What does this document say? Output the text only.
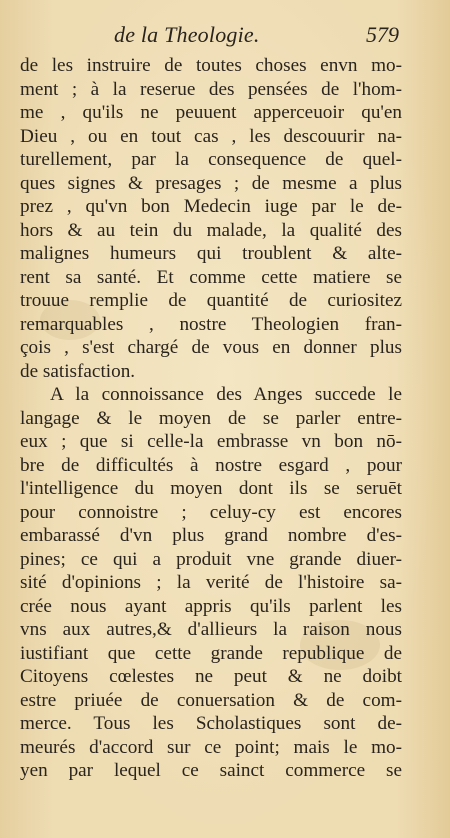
de la Theologie.	579
de les instruire de toutes choses envn mo-
ment ; à la reserue des pensées de l'hom-
me , qu'ils ne peuuent apperceuoir qu'en
Dieu , ou en tout cas , les descouurir na-
turellement, par la consequence de quel-
ques signes & presages ; de mesme a plus
prez , qu'vn bon Medecin iuge par le de-
hors & au tein du malade, la qualité des
malignes humeurs qui troublent & alte-
rent sa santé. Et comme cette matiere se
trouue remplie de quantité de curiositez
remarquables , nostre Theologien fran-
çois , s'est chargé de vous en donner plus
de satisfaction.
A la connoissance des Anges succede le
langage & le moyen de se parler entre-
eux ; que si celle-la embrasse vn bon nō-
bre de difficultés à nostre esgard , pour
l'intelligence du moyen dont ils se seruēt
pour connoistre ; celuy-cy est encores
embarassé d'vn plus grand nombre d'es-
pines; ce qui a produit vne grande diuer-
sité d'opinions ; la verité de l'histoire sa-
crée nous ayant appris qu'ils parlent les
vns aux autres,& d'allieurs la raison nous
iustifiant que cette grande republique de
Citoyens cœlestes ne peut & ne doibt
estre priuée de conuersation & de com-
merce. Tous les Scholastiques sont de-
meurés d'accord sur ce point; mais le mo-
yen par lequel ce sainct commerce se
